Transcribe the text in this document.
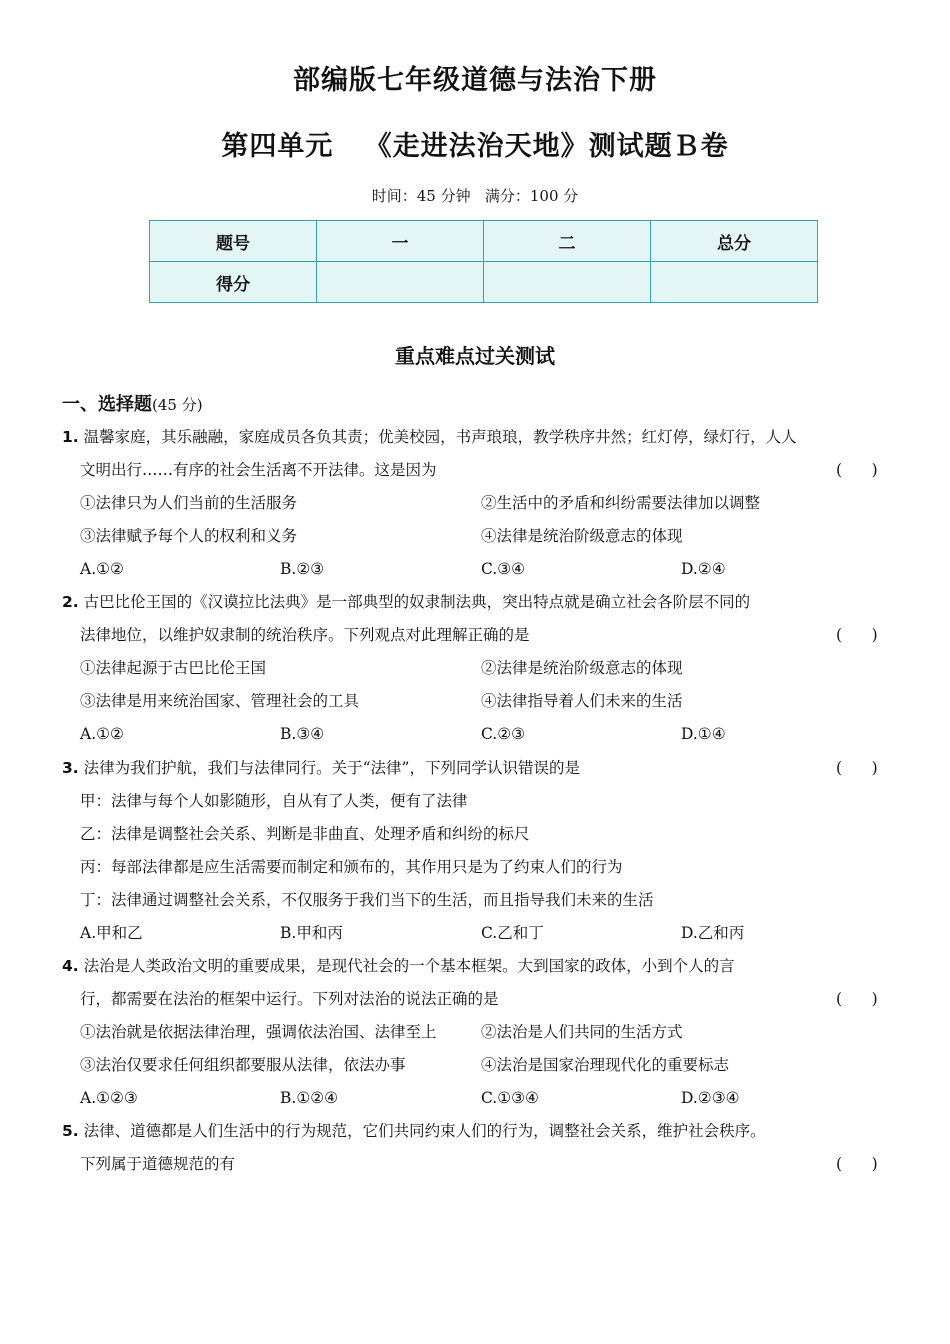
部编版七年级道德与法治下册
第四单元   《走进法治天地》测试题Ｂ卷
时间：45 分钟   满分：100 分
题号	一	二	总分
得分			
重点难点过关测试
一、选择题(45 分)
1. 温馨家庭，其乐融融，家庭成员各负其责；优美校园，书声琅琅，教学秩序井然；红灯停，绿灯行，人人
文明出行……有序的社会生活离不开法律。这是因为	(      )
①法律只为人们当前的生活服务	②生活中的矛盾和纠纷需要法律加以调整
③法律赋予每个人的权利和义务	④法律是统治阶级意志的体现
A.①②	B.②③	C.③④	D.②④
2. 古巴比伦王国的《汉谟拉比法典》是一部典型的奴隶制法典，突出特点就是确立社会各阶层不同的
法律地位，以维护奴隶制的统治秩序。下列观点对此理解正确的是	(      )
①法律起源于古巴比伦王国	②法律是统治阶级意志的体现
③法律是用来统治国家、管理社会的工具	④法律指导着人们未来的生活
A.①②	B.③④	C.②③	D.①④
3. 法律为我们护航，我们与法律同行。关于“法律”，下列同学认识错误的是	(      )
甲：法律与每个人如影随形，自从有了人类，便有了法律
乙：法律是调整社会关系、判断是非曲直、处理矛盾和纠纷的标尺
丙：每部法律都是应生活需要而制定和颁布的，其作用只是为了约束人们的行为
丁：法律通过调整社会关系，不仅服务于我们当下的生活，而且指导我们未来的生活
A.甲和乙	B.甲和丙	C.乙和丁	D.乙和丙
4. 法治是人类政治文明的重要成果，是现代社会的一个基本框架。大到国家的政体，小到个人的言
行，都需要在法治的框架中运行。下列对法治的说法正确的是	(      )
①法治就是依据法律治理，强调依法治国、法律至上	②法治是人们共同的生活方式
③法治仅要求任何组织都要服从法律，依法办事	④法治是国家治理现代化的重要标志
A.①②③	B.①②④	C.①③④	D.②③④
5. 法律、道德都是人们生活中的行为规范，它们共同约束人们的行为，调整社会关系，维护社会秩序。
下列属于道德规范的有	(      )
